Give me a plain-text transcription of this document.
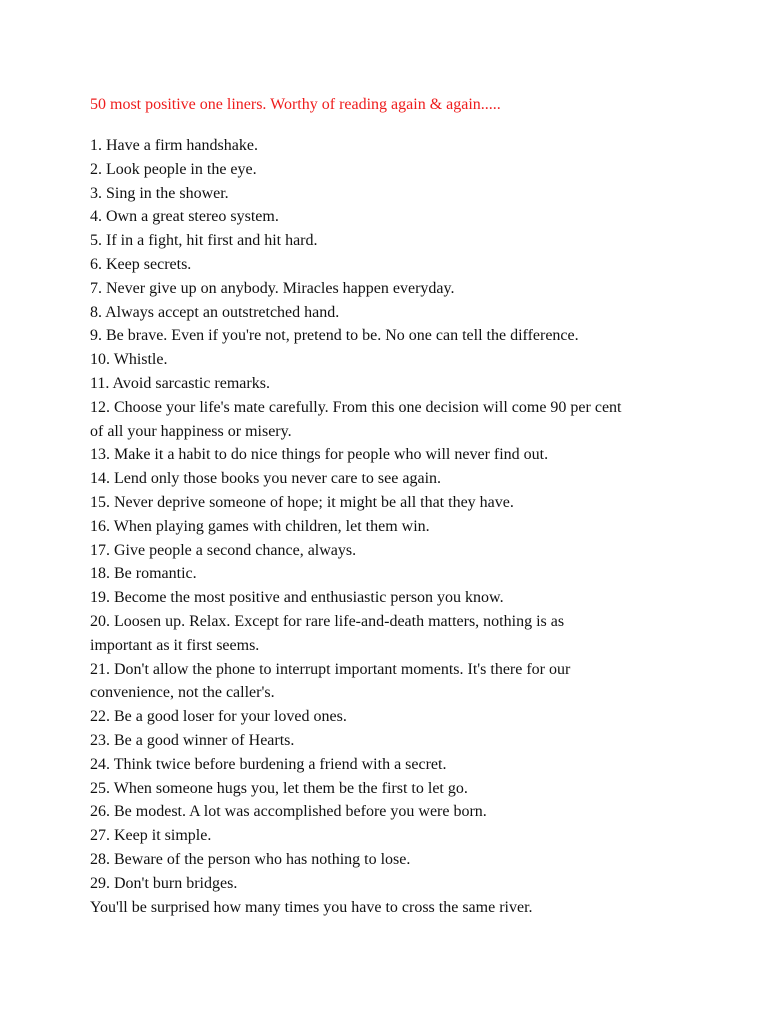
50 most positive one liners. Worthy of reading again & again.....
1. Have a firm handshake.
2. Look people in the eye.
3. Sing in the shower.
4. Own a great stereo system.
5. If in a fight, hit first and hit hard.
6. Keep secrets.
7. Never give up on anybody. Miracles happen everyday.
8. Always accept an outstretched hand.
9. Be brave. Even if you're not, pretend to be. No one can tell the difference.
10. Whistle.
11. Avoid sarcastic remarks.
12. Choose your life's mate carefully. From this one decision will come 90 per cent
of all your happiness or misery.
13. Make it a habit to do nice things for people who will never find out.
14. Lend only those books you never care to see again.
15. Never deprive someone of hope; it might be all that they have.
16. When playing games with children, let them win.
17. Give people a second chance, always.
18. Be romantic.
19. Become the most positive and enthusiastic person you know.
20. Loosen up. Relax. Except for rare life-and-death matters, nothing is as
important as it first seems.
21. Don't allow the phone to interrupt important moments. It's there for our
convenience, not the caller's.
22. Be a good loser for your loved ones.
23. Be a good winner of Hearts.
24. Think twice before burdening a friend with a secret.
25. When someone hugs you, let them be the first to let go.
26. Be modest. A lot was accomplished before you were born.
27. Keep it simple.
28. Beware of the person who has nothing to lose.
29. Don't burn bridges.
You'll be surprised how many times you have to cross the same river.
